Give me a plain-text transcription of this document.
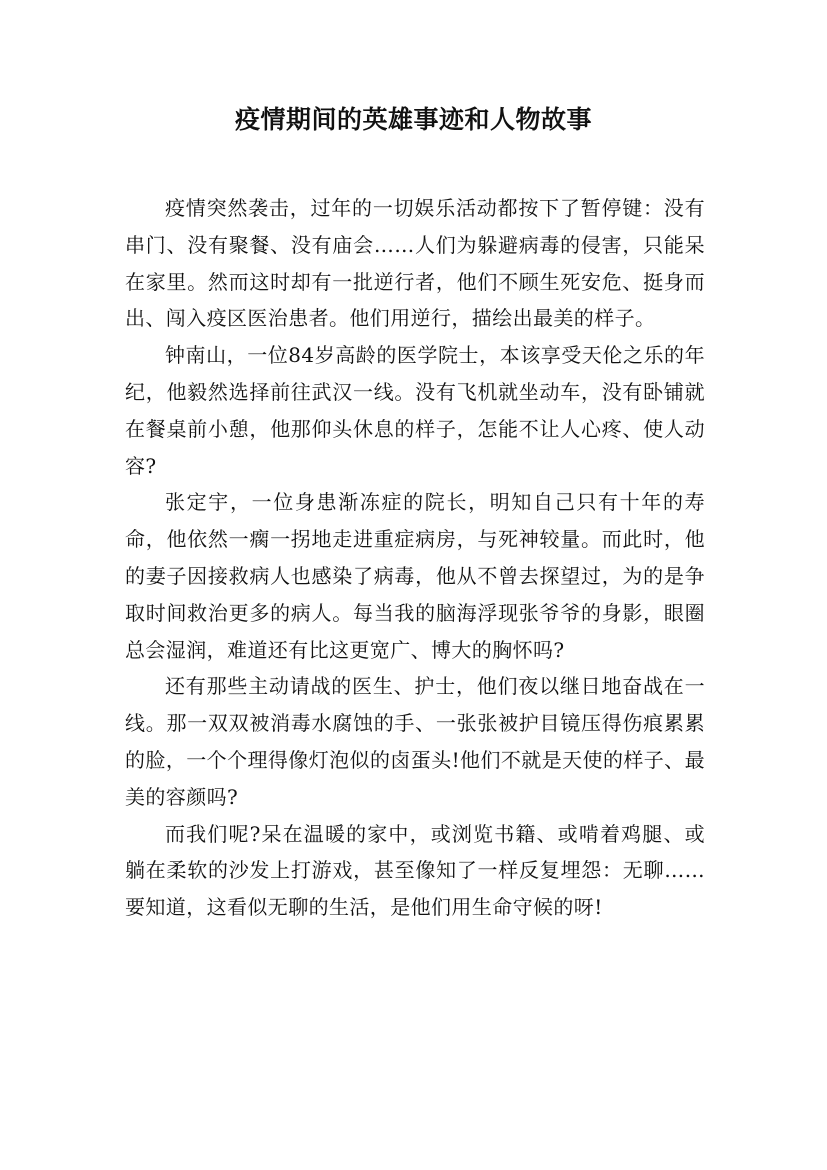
疫情期间的英雄事迹和人物故事

疫情突然袭击，过年的一切娱乐活动都按下了暂停键：没有串门、没有聚餐、没有庙会……人们为躲避病毒的侵害，只能呆在家里。然而这时却有一批逆行者，他们不顾生死安危、挺身而出、闯入疫区医治患者。他们用逆行，描绘出最美的样子。

钟南山，一位84岁高龄的医学院士，本该享受天伦之乐的年纪，他毅然选择前往武汉一线。没有飞机就坐动车，没有卧铺就在餐桌前小憩，他那仰头休息的样子，怎能不让人心疼、使人动容?

张定宇，一位身患渐冻症的院长，明知自己只有十年的寿命，他依然一瘸一拐地走进重症病房，与死神较量。而此时，他的妻子因接救病人也感染了病毒，他从不曾去探望过，为的是争取时间救治更多的病人。每当我的脑海浮现张爷爷的身影，眼圈总会湿润，难道还有比这更宽广、博大的胸怀吗?

还有那些主动请战的医生、护士，他们夜以继日地奋战在一线。那一双双被消毒水腐蚀的手、一张张被护目镜压得伤痕累累的脸，一个个理得像灯泡似的卤蛋头!他们不就是天使的样子、最美的容颜吗?

而我们呢?呆在温暖的家中，或浏览书籍、或啃着鸡腿、或躺在柔软的沙发上打游戏，甚至像知了一样反复埋怨：无聊……要知道，这看似无聊的生活，是他们用生命守候的呀!
